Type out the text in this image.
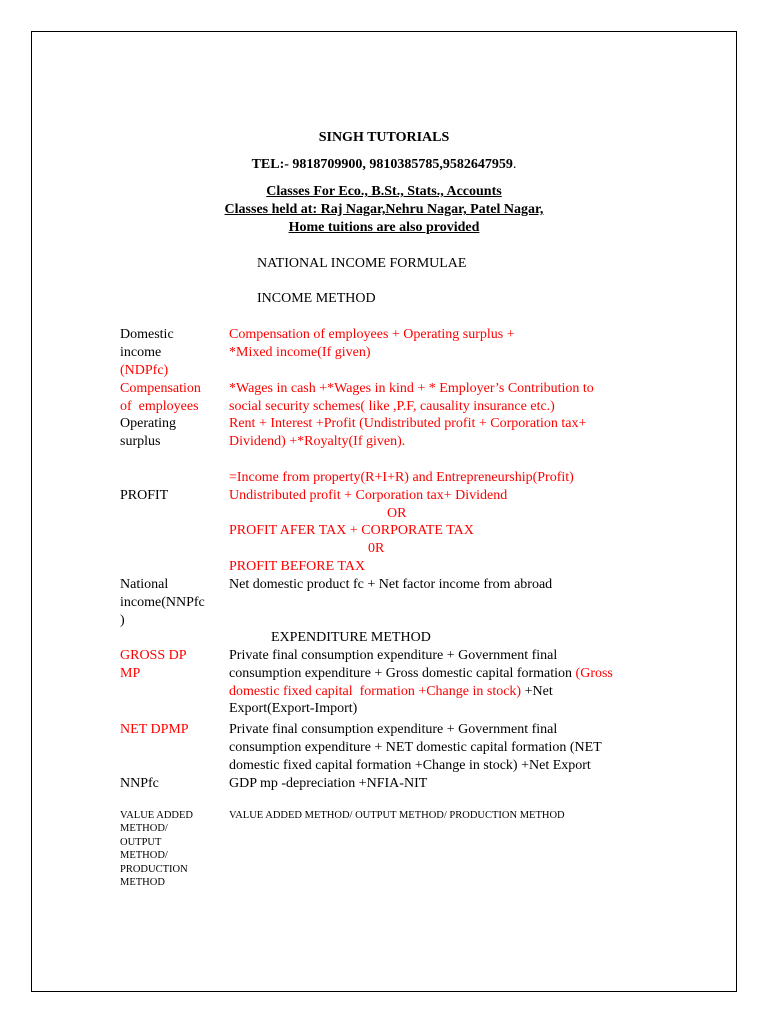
SINGH TUTORIALS
TEL:- 9818709900, 9810385785,9582647959.
Classes For Eco., B.St., Stats., Accounts
Classes held at: Raj Nagar,Nehru Nagar, Patel Nagar,
Home tuitions are also provided
NATIONAL INCOME FORMULAE
INCOME METHOD
Domestic
income
(NDPfc)
Compensation of employees + Operating surplus +
*Mixed income(If given)
Compensation
of  employees
*Wages in cash +*Wages in kind + * Employer’s Contribution to
social security schemes( like ,P.F, causality insurance etc.)
Operating
surplus
Rent + Interest +Profit (Undistributed profit + Corporation tax+
Dividend) +*Royalty(If given).
PROFIT
=Income from property(R+I+R) and Entrepreneurship(Profit)
Undistributed profit + Corporation tax+ Dividend
OR
PROFIT AFER TAX + CORPORATE TAX
0R
PROFIT BEFORE TAX
National
income(NNPfc
)
Net domestic product fc + Net factor income from abroad
EXPENDITURE METHOD
GROSS DP
MP
Private final consumption expenditure + Government final
consumption expenditure + Gross domestic capital formation (Gross
domestic fixed capital  formation +Change in stock) +Net
Export(Export-Import)
NET DPMP	Private final consumption expenditure + Government final
consumption expenditure + NET domestic capital formation (NET
domestic fixed capital formation +Change in stock) +Net Export
NNPfc	GDP mp -depreciation +NFIA-NIT
VALUE ADDED
METHOD/
OUTPUT
METHOD/
PRODUCTION
METHOD
VALUE ADDED METHOD/ OUTPUT METHOD/ PRODUCTION METHOD
